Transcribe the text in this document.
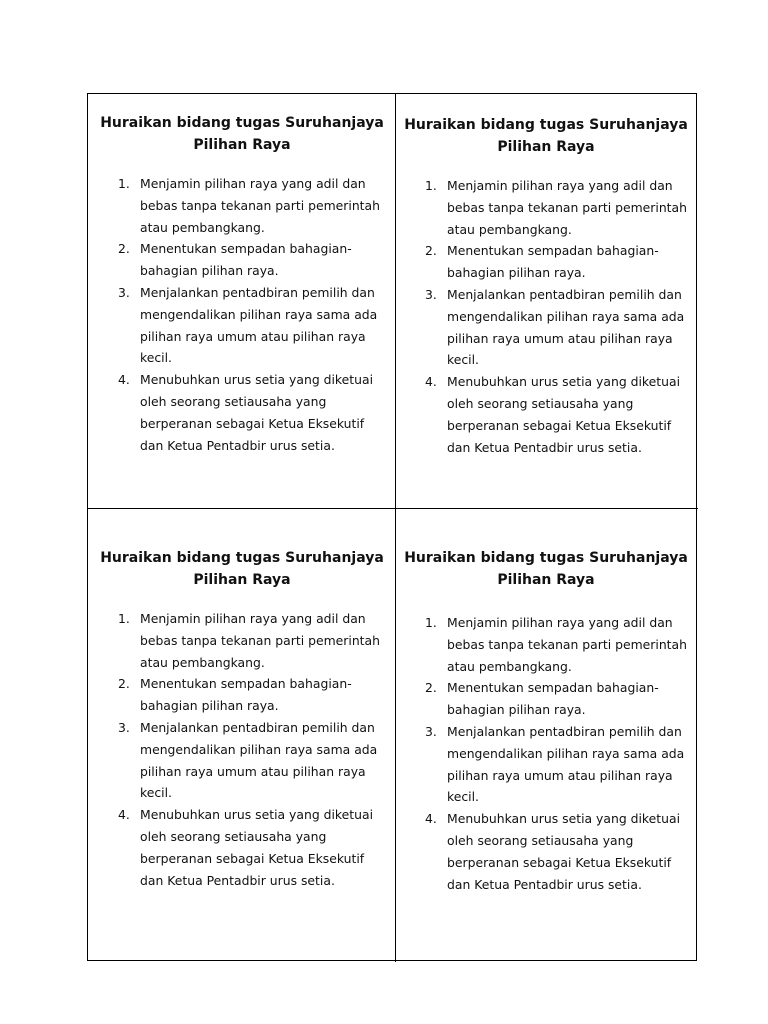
Huraikan bidang tugas Suruhanjaya Pilihan Raya
1. Menjamin pilihan raya yang adil dan bebas tanpa tekanan parti pemerintah atau pembangkang.
2. Menentukan sempadan bahagian-bahagian pilihan raya.
3. Menjalankan pentadbiran pemilih dan mengendalikan pilihan raya sama ada pilihan raya umum atau pilihan raya kecil.
4. Menubuhkan urus setia yang diketuai oleh seorang setiausaha yang berperanan sebagai Ketua Eksekutif dan Ketua Pentadbir urus setia.
Huraikan bidang tugas Suruhanjaya Pilihan Raya
1. Menjamin pilihan raya yang adil dan bebas tanpa tekanan parti pemerintah atau pembangkang.
2. Menentukan sempadan bahagian-bahagian pilihan raya.
3. Menjalankan pentadbiran pemilih dan mengendalikan pilihan raya sama ada pilihan raya umum atau pilihan raya kecil.
4. Menubuhkan urus setia yang diketuai oleh seorang setiausaha yang berperanan sebagai Ketua Eksekutif dan Ketua Pentadbir urus setia.
Huraikan bidang tugas Suruhanjaya Pilihan Raya
1. Menjamin pilihan raya yang adil dan bebas tanpa tekanan parti pemerintah atau pembangkang.
2. Menentukan sempadan bahagian-bahagian pilihan raya.
3. Menjalankan pentadbiran pemilih dan mengendalikan pilihan raya sama ada pilihan raya umum atau pilihan raya kecil.
4. Menubuhkan urus setia yang diketuai oleh seorang setiausaha yang berperanan sebagai Ketua Eksekutif dan Ketua Pentadbir urus setia.
Huraikan bidang tugas Suruhanjaya Pilihan Raya
1. Menjamin pilihan raya yang adil dan bebas tanpa tekanan parti pemerintah atau pembangkang.
2. Menentukan sempadan bahagian-bahagian pilihan raya.
3. Menjalankan pentadbiran pemilih dan mengendalikan pilihan raya sama ada pilihan raya umum atau pilihan raya kecil.
4. Menubuhkan urus setia yang diketuai oleh seorang setiausaha yang berperanan sebagai Ketua Eksekutif dan Ketua Pentadbir urus setia.
